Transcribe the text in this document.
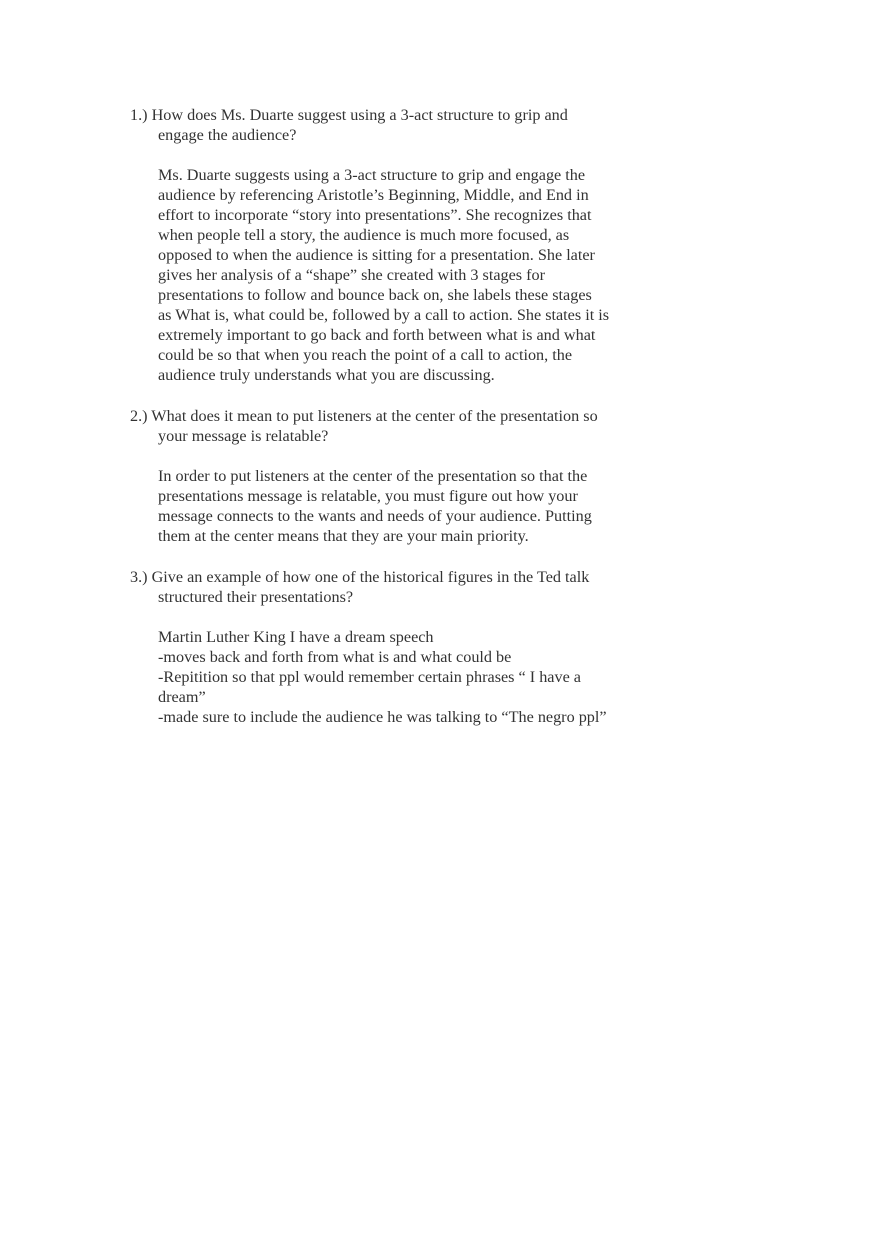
1.) How does Ms. Duarte suggest using a 3-act structure to grip and
engage the audience?

Ms. Duarte suggests using a 3-act structure to grip and engage the
audience by referencing Aristotle’s Beginning, Middle, and End in
effort to incorporate “story into presentations”. She recognizes that
when people tell a story, the audience is much more focused, as
opposed to when the audience is sitting for a presentation. She later
gives her analysis of a “shape” she created with 3 stages for
presentations to follow and bounce back on, she labels these stages
as What is, what could be, followed by a call to action. She states it is
extremely important to go back and forth between what is and what
could be so that when you reach the point of a call to action, the
audience truly understands what you are discussing.

2.) What does it mean to put listeners at the center of the presentation so
your message is relatable?

In order to put listeners at the center of the presentation so that the
presentations message is relatable, you must figure out how your
message connects to the wants and needs of your audience. Putting
them at the center means that they are your main priority.

3.) Give an example of how one of the historical figures in the Ted talk
structured their presentations?

Martin Luther King I have a dream speech

-moves back and forth from what is and what could be

-Repitition so that ppl would remember certain phrases “ I have a
dream”

-made sure to include the audience he was talking to “The negro ppl”
